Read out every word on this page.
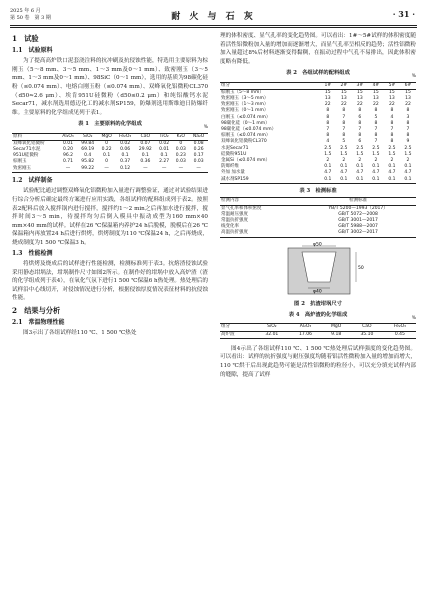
2025 年 6 月
第 50 卷　第 3 期	耐 火 与 石 灰	· 31 ·
1　试验
1.1　试验原料

为了提高高炉铁口泥套浇注料的抗冲刷及抗侵蚀性能，特选用主要原料为棕刚玉（5～8 mm、3～5 mm、1～3 mm及0～1 mm）、致密刚玉（3～5 mm、1～3 mm及0～1 mm）、98SiC（0～1 mm），选用的基质为98碳化硅粉（≤0.074 mm）、电熔白刚玉粉（≤0.074 mm）、双峰氧化铝微粉CL370（d50≈2.6 μm）、埃肯951U硅微粉（d50≤0.2 μm）和纯铝酸钙水泥Secar71，减水剂选用德迈化工的减水剂SP159，防爆剂选用斯维迪日防爆纤维。主要原料的化学组成见列于表1。

表 1　主要原料的化学组成
%
原料	Al₂O₃	SiO₂	MgO	Fe₂O₃	CaO	TiO₂	K₂O	Na₂O
双峰氧化铝微粉	0.01	99.84	0	0.02	0.07	0.02	0	0.08
Secar71水泥	0.20	69.19	0.22	0.06	29.92	0.01	0.03	0.26
951U硅微粉	96.2	0.4	0.1	0.1	0.1	0.1	0.23	0.17
棕刚玉	0.71	95.82	0	0.37	0.36	2.27	0.03	0.03
致密刚玉	—	99.22	—	0.12	—	—	—	—
1.2　试样制备

试验配比通过调整双峰氧化铝微粉加入量进行调整验证，通过对试验结果进行综合分析后确定最终方案进行应用实践，各组试样的配料组成列于表2。按照表2配料后放入搅拌锅内进行搅拌，搅拌约1～2 min之后再加水进行搅拌，搅拌时间3～5 min，待搅拌均匀后倒入模具中振动成型为160 mm×40 mm×40 mm的试样。试样在26 ℃保温箱内养护24 h后脱模，脱模后在26 ℃保温箱内再放置24 h后进行烘烤，烘烤制度为110 ℃保温24 h，之后再烧成，烧成制度为1 500 ℃保温3 h。

1.3　性能检测

将烘烤及烧成后的试样进行性能检测，检测标准列于表3。抗熔渣侵蚀试验采用静态坩埚法，坩埚制作尺寸如图2所示。在制作好的坩埚中放入高炉渣（渣的化学组成列于表4），在氧化气氛下进行1 500 ℃保温6 h热处理。热处理后的试样沿中心线切开，对侵蚀情况进行分析，根据侵蚀厚度情况表征材料的抗侵蚀性能。

2　结果与分析
2.1　常温物理性能

图3示出了各组试样经110 ℃、1 500 ℃热处

理的体积密度、显气孔率的变化趋势图。可以看出：1#～5#试样的体积密度随着活性铝微粉加入量的增加而逐渐增大，而显气孔率呈相反的趋势；活性铝微粉加入量超过8%后材料逐渐变得黏稠，在振动过程中气孔不易排出，因此体积密度略有降低。

表 2　各组试样的配料组成
%
组分	1#	2#	3#	4#	5#	6#
棕刚玉（5～8 mm）	15	15	15	15	15	15
致密刚玉（3～5 mm）	13	13	13	13	13	13
致密刚玉（1～3 mm）	22	22	22	22	22	22
致密刚玉（0～1 mm）	8	8	8	8	8	8
白刚玉（≤0.074 mm）	8	7	6	5	4	3
98碳化硅（0～1 mm）	8	8	8	8	8	8
98碳化硅（≤0.074 mm）	7	7	7	7	7	7
棕刚玉（≤0.074 mm）	8	8	8	8	8	8
双峰氧化铝微粉CL370	4	5	6	7	8	9
水泥Secar71	2.5	2.5	2.5	2.5	2.5	2.5
硅微粉951U	1.5	1.5	1.5	1.5	1.5	1.5
金属Si（≤0.074 mm）	2	2	2	2	2	2
防爆纤维	0.1	0.1	0.1	0.1	0.1	0.1
外加 加水量	4.7	4.7	4.7	4.7	4.7	4.7
减水剂SP159	0.1	0.1	0.1	0.1	0.1	0.1
表 3　检测标准
检测内容	检测标准
显气孔率和体积密度	YB/T 5200—1993（2017）
常温耐压强度	GB/T 5072—2008
常温抗折强度	GB/T 3001—2017
线变化率	GB/T 5988—2007
高温抗折强度	GB/T 3002—2017
φ50
50
φ40
图 2　抗渣坩埚尺寸
表 4　高炉渣的化学组成
%
组分	SiO₂	Al₂O₃	MgO	CaO	Fe₂O₃
高炉渣	32.01	17.06	9.18	35.10	0.45

图4示出了各组试样110 ℃、1 500 ℃热处理后试样强度的变化趋势图。可以看出：试样的抗折强度与耐压强度均随着铝活性微粉加入量的增加而增大，110 ℃烘干后出现此趋势可能是活性铝微粉的粒径小，可以充分填充试样内部的缝隙，提高了试样
